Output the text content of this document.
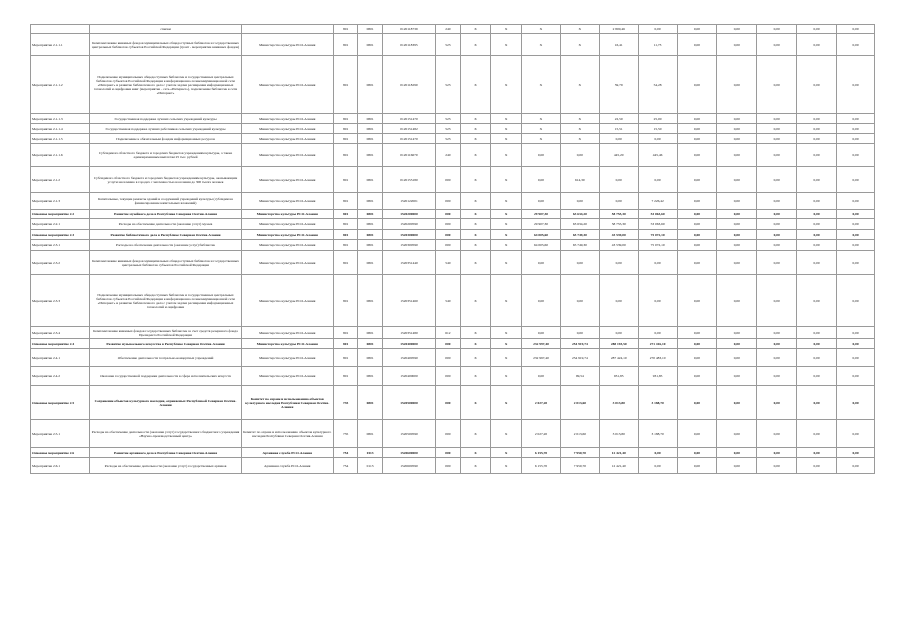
	списки		801	0801	0120118739	240	X	X	X	X	2 800,46	0,00	0,00	0,00	0,00	0,00	0,00
Мероприятие 2.1.1.1	Комплектование книжных фондов муниципальных общедоступных библиотек и государственных центральных библиотек субъектов Российской Федерации (грант - мероприятие книжных фондов)	Министерство культуры РСО-Алания	801	0801	0120118395	523	X	X	X	X	16,41	11,73	0,00	0,00	0,00	0,00	0,00
Мероприятие 2.1.1.2	Подключение муниципальных общедоступных библиотек и государственных центральных библиотек субъектов Российской Федерации к информационно-телекоммуникационной сети «Интернет» и развитие библиотечного дела с учетом задачи расширения информационных технологий и оцифровки книг (мероприятие - сеть «Интернет»), подключение библиотек к сети «Интернет»	Министерство культуры РСО-Алания	801	0801	0120118290	523	X	X	X	X	59,79	54,28	0,00	0,00	0,00	0,00	0,00
Мероприятие 2.1.1.3	Государственная поддержка лучших сельских учреждений культуры	Министерство культуры РСО-Алания	801	0801	0120151470	523	X	X	X	X	22,50	25,00	0,00	0,00	0,00	0,00	0,00
Мероприятие 2.1.1.4	Государственная поддержка лучших работников сельских учреждений культуры	Министерство культуры РСО-Алания	801	0801	0120151482	523	X	X	X	X	15,51	15,50	0,00	0,00	0,00	0,00	0,00
Мероприятие 2.1.1.5	Подключение к обязательным фондам информационных ресурсов	Министерство культуры РСО-Алания	801	0801	0120151470	523	X	X	X	X	0,00	0,00	0,00	0,00	0,00	0,00	0,00
Мероприятие 2.1.1.6	Субсидии из областного бюджета и городских бюджетов учреждениям культуры, а также единовременным выплатам 25 тыс. рублей	Министерство культуры РСО-Алания	801	0801	0120116670	240	X	X	0,00	0,00	445,20	445,46	0,00	0,00	0,00	0,00	0,00
Мероприятие 2.1.2	Субсидии из областного бюджета и городских бюджетов учреждениям культуры, оказывающим услуги населению в городах с численностью населения до 300 тысяч человек	Министерство культуры РСО-Алания	801	0801	0120155180	000	X	X	0,00	614,30	0,00	0,00	0,00	0,00	0,00	0,00	0,00
Мероприятие 2.1.3	Капитальные, текущие ремонты зданий и сооружений учреждений культуры (субсидии на финансирование капитальных вложений)	Министерство культуры РСО-Алания	801	0801	1520122001	000	X	X	0,00	0,00	0,00	7 226,42	0,00	0,00	0,00	0,00	0,00
Основное мероприятие 2.2	Развитие музейного дела в Республике Северная Осетия-Алания	Министерство культуры РСО-Алания	801	0801	1520200000	000	X	X	29 907,30	63 634,20	58 755,30	53 063,60	0,00	0,00	0,00	0,00	0,00
Мероприятие 2.2.1	Расходы на обеспечение деятельности (оказание услуг) музеев	Министерство культуры РСО-Алания	801	0801	1520200590	000	X	X	29 907,30	63 634,20	58 755,30	53 063,60	0,00	0,00	0,00	0,00	0,00
Основное мероприятие 2.3	Развитие библиотечного дела в Республике Северная Осетия-Алания	Министерство культуры РСО-Алания	801	0801	1520300000	000	X	X	64 005,60	65 749,30	43 539,00	75 072,10	0,00	0,00	0,00	0,00	0,00
Мероприятие 2.3.1	Расходы на обеспечение деятельности (оказание услуг) библиотек	Министерство культуры РСО-Алания	801	0801	1520300590	000	X	X	64 005,60	65 749,30	43 539,00	75 072,10	0,00	0,00	0,00	0,00	0,00
Мероприятие 2.3.2	Комплектование книжных фондов муниципальных общедоступных библиотек и государственных центральных библиотек субъектов Российской Федерации	Министерство культуры РСО-Алания	801	0801	1520351440	540	X	X	0,00	0,00	0,00	0,00	0,00	0,00	0,00	0,00	0,00
Мероприятие 2.3.3	Подключение муниципальных общедоступных библиотек и государственных центральных библиотек субъектов Российской Федерации к информационно-телекоммуникационной сети «Интернет» и развитие библиотечного дела с учетом задачи расширения информационных технологий и оцифровки	Министерство культуры РСО-Алания	801	0801	1520351460	540	X	X	0,00	0,00	0,00	0,00	0,00	0,00	0,00	0,00	0,00
Мероприятие 2.3.4	Комплектование книжных фондов государственных библиотек за счет средств резервного фонда Президента Российской Федерации	Министерство культуры РСО-Алания	801	0801	1520351480	612	X	X	0,00	0,00	0,00	0,00	0,00	0,00	0,00	0,00	0,00
Основное мероприятие 2.4	Развитие музыкального искусства в Республике Северная Осетия-Алания	Министерство культуры РСО-Алания	801	0801	1520400000	000	X	X	232 997,40	254 919,74	288 193,50	271 416,10	0,00	0,00	0,00	0,00	0,00
Мероприятие 2.4.1	Обеспечение деятельности театрально-концертных учреждений	Министерство культуры РСО-Алания	801	0801	1520400590	000	X	X	232 997,40	254 919,74	287 424,10	270 483,10	0,00	0,00	0,00	0,00	0,00
Мероприятие 2.4.2	Оказание государственной поддержки деятельности в сфере исполнительских искусств	Министерство культуры РСО-Алания	801	0801	1520400000	000	X	X	0,00	99,54	931,85	931,85	0,00	0,00	0,00	0,00	0,00
Основное мероприятие 2.5	Сохранение объектов культурного наследия, охраняемых Республикой Северная Осетия-Алания	Комитет по охране и использованию объектов культурного наследия Республики Северная Осетия-Алания	735	0801	1520500000	000	X	X	2 027,20	2 013,60	3 013,80	3 188,70	0,00	0,00	0,00	0,00	0,00
Мероприятие 2.5.1	Расходы на обеспечение деятельности (оказание услуг) государственного бюджетного учреждения «Научно-производственный центр»	Комитет по охране и использованию объектов культурного наследия Республики Северная Осетия-Алания	735	0801	1520500590	000	X	X	2 027,20	2 013,60	3 013,80	3 188,70	0,00	0,00	0,00	0,00	0,00
Основное мероприятие 2.6	Развитие архивного дела в Республике Северная Осетия-Алания	Архивная служба РСО-Алания	754	0113	1520600000	000	X	X	6 155,70	7 950,70	12 421,40	0,00	0,00	0,00	0,00	0,00	0,00
Мероприятие 2.6.1	Расходы на обеспечение деятельности (оказание услуг) государственных архивов	Архивная служба РСО-Алания	754	0113	1520600590	000	X	X	6 155,70	7 950,70	12 421,40	0,00	0,00	0,00	0,00	0,00	0,00
